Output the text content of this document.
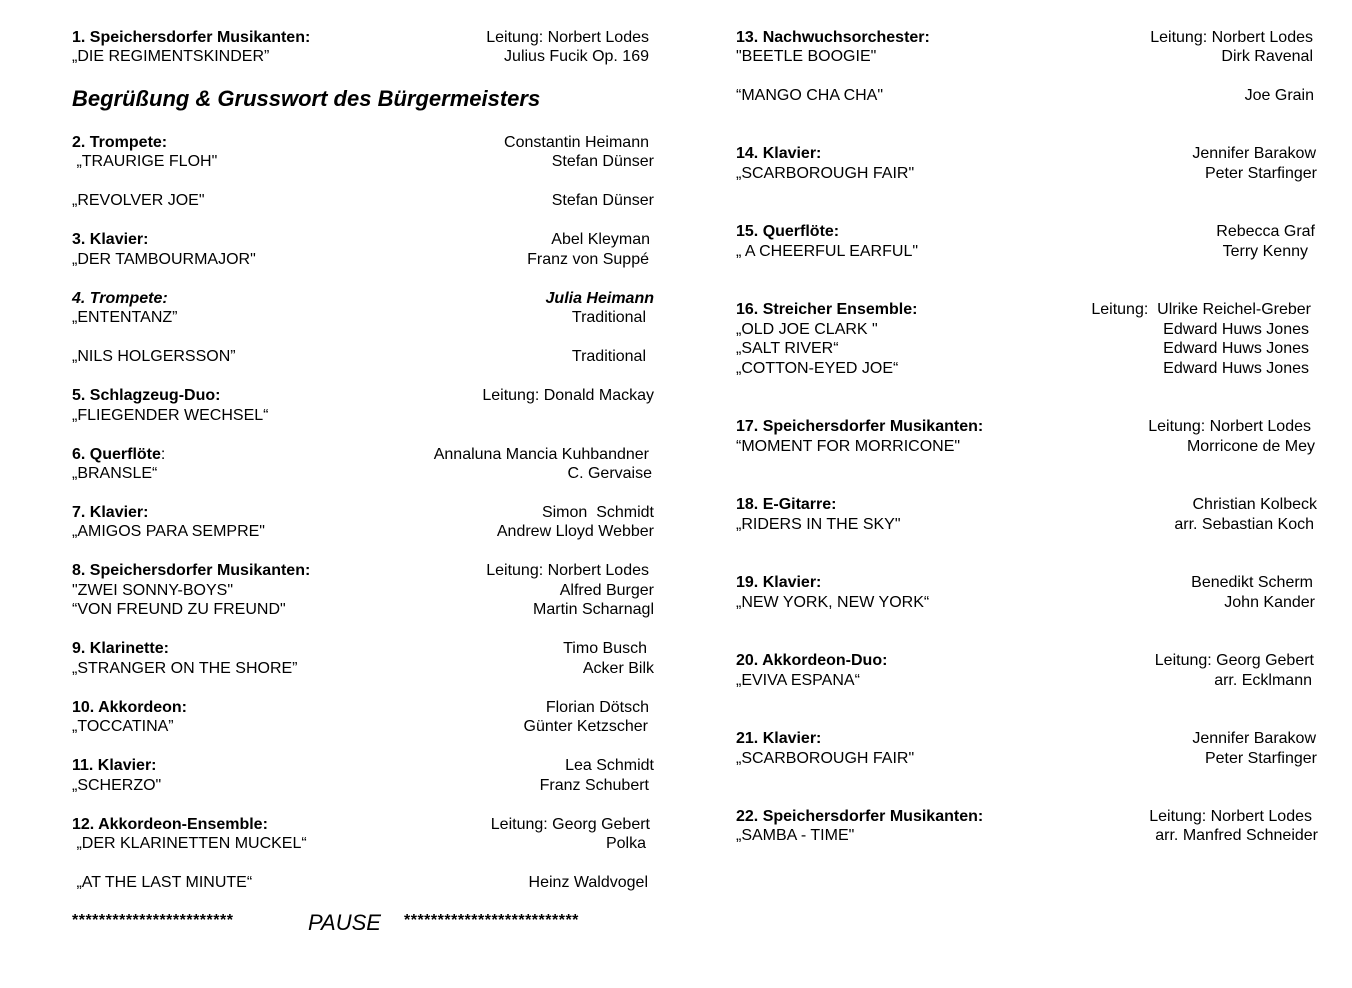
1. Speichersdorfer Musikanten:	Leitung: Norbert Lodes
„DIE REGIMENTSKINDER”	Julius Fucik Op. 169
Begrüßung & Grusswort des Bürgermeisters
2. Trompete:	Constantin Heimann
„TRAURIGE FLOH"	Stefan Dünser
„REVOLVER JOE"	Stefan Dünser
3. Klavier:	Abel Kleyman
„DER TAMBOURMAJOR"	Franz von Suppé
4. Trompete:	Julia Heimann
„ENTENTANZ”	Traditional
„NILS HOLGERSSON”	Traditional
5. Schlagzeug-Duo:	Leitung: Donald Mackay
„FLIEGENDER WECHSEL“
6. Querflöte:	Annaluna Mancia Kuhbandner
„BRANSLE“	C. Gervaise
7. Klavier:	Simon  Schmidt
„AMIGOS PARA SEMPRE"	Andrew Lloyd Webber
8. Speichersdorfer Musikanten:	Leitung: Norbert Lodes
"ZWEI SONNY-BOYS"	Alfred Burger
“VON FREUND ZU FREUND"	Martin Scharnagl
9. Klarinette:	Timo Busch
„STRANGER ON THE SHORE”	Acker Bilk
10. Akkordeon:	Florian Dötsch
„TOCCATINA”	Günter Ketzscher
11. Klavier:	Lea Schmidt
„SCHERZO"	Franz Schubert
12. Akkordeon-Ensemble:	Leitung: Georg Gebert
„DER KLARINETTEN MUCKEL“	Polka
„AT THE LAST MINUTE“	Heinz Waldvogel
************************	PAUSE **************************
13. Nachwuchsorchester:	Leitung: Norbert Lodes
"BEETLE BOOGIE"	Dirk Ravenal
“MANGO CHA CHA"	Joe Grain
14. Klavier:	Jennifer Barakow
„SCARBOROUGH FAIR"	Peter Starfinger
15. Querflöte:	Rebecca Graf
„ A CHEERFUL EARFUL"	Terry Kenny
16. Streicher Ensemble:	Leitung:  Ulrike Reichel-Greber
„OLD JOE CLARK "	Edward Huws Jones
„SALT RIVER“	Edward Huws Jones
„COTTON-EYED JOE“	Edward Huws Jones
17. Speichersdorfer Musikanten:	Leitung: Norbert Lodes
“MOMENT FOR MORRICONE"	Morricone de Mey
18. E-Gitarre:	Christian Kolbeck
„RIDERS IN THE SKY"	arr. Sebastian Koch
19. Klavier:	Benedikt Scherm
„NEW YORK, NEW YORK“	John Kander
20. Akkordeon-Duo:	Leitung: Georg Gebert
„EVIVA ESPANA“	arr. Ecklmann
21. Klavier:	Jennifer Barakow
„SCARBOROUGH FAIR"	Peter Starfinger
22. Speichersdorfer Musikanten:	Leitung: Norbert Lodes
„SAMBA - TIME"	arr. Manfred Schneider
